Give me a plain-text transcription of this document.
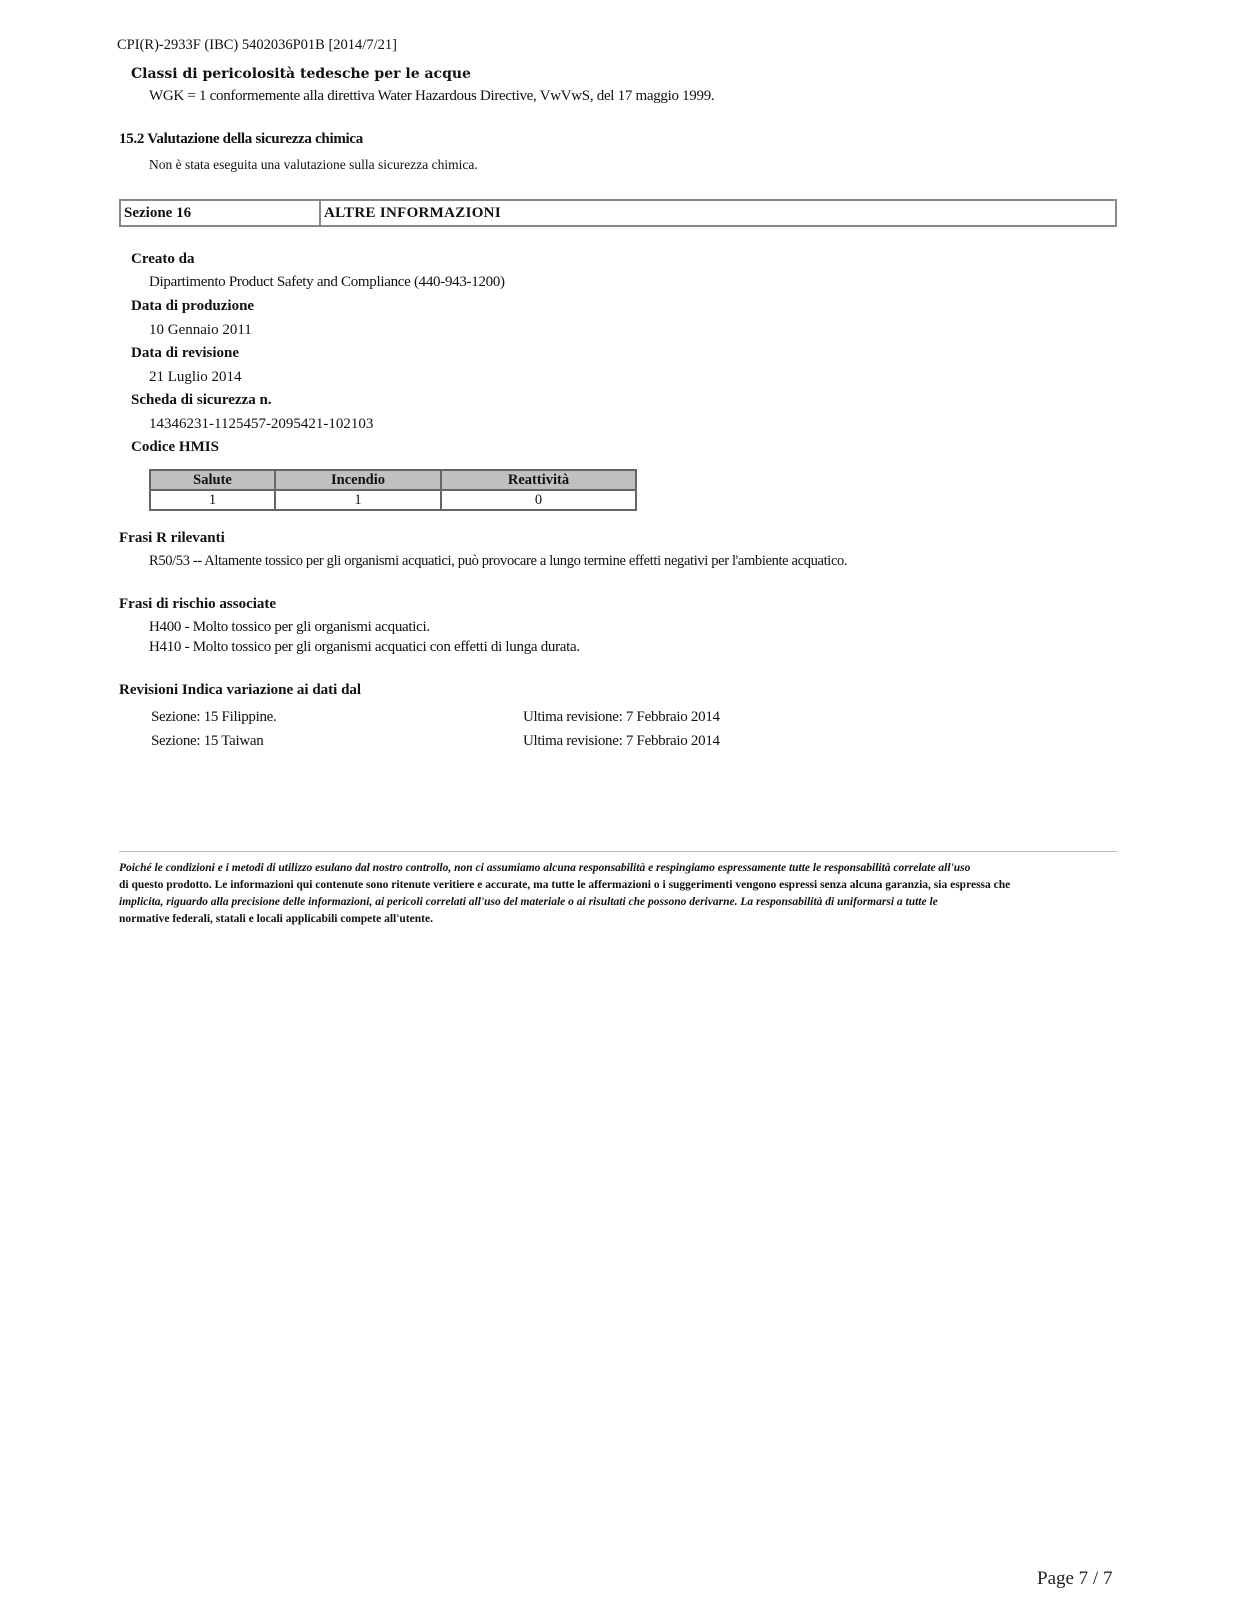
CPI(R)-2933F (IBC) 5402036P01B [2014/7/21]
Classi di pericolosità tedesche per le acque
WGK = 1 conformemente alla direttiva Water Hazardous Directive, VwVwS, del 17 maggio 1999.
15.2 Valutazione della sicurezza chimica
Non è stata eseguita una valutazione sulla sicurezza chimica.
Sezione 16	ALTRE INFORMAZIONI
Creato da
Dipartimento Product Safety and Compliance (440-943-1200)
Data di produzione
10 Gennaio 2011
Data di revisione
21 Luglio 2014
Scheda di sicurezza n.
14346231-1125457-2095421-102103
Codice HMIS
Salute	Incendio	Reattività
1	1	0
Frasi R rilevanti
R50/53 -- Altamente tossico per gli organismi acquatici, può provocare a lungo termine effetti negativi per l'ambiente acquatico.
Frasi di rischio associate
H400 - Molto tossico per gli organismi acquatici.
H410 - Molto tossico per gli organismi acquatici con effetti di lunga durata.
Revisioni Indica variazione ai dati dal
Sezione: 15 Filippine.	Ultima revisione: 7 Febbraio 2014
Sezione: 15 Taiwan	Ultima revisione: 7 Febbraio 2014
Poiché le condizioni e i metodi di utilizzo esulano dal nostro controllo, non ci assumiamo alcuna responsabilità e respingiamo espressamente tutte le responsabilità correlate all'uso
di questo prodotto. Le informazioni qui contenute sono ritenute veritiere e accurate, ma tutte le affermazioni o i suggerimenti vengono espressi senza alcuna garanzia, sia espressa che
implicita, riguardo alla precisione delle informazioni, ai pericoli correlati all'uso del materiale o ai risultati che possono derivarne. La responsabilità di uniformarsi a tutte le
normative federali, statali e locali applicabili compete all'utente.
Page 7 / 7
